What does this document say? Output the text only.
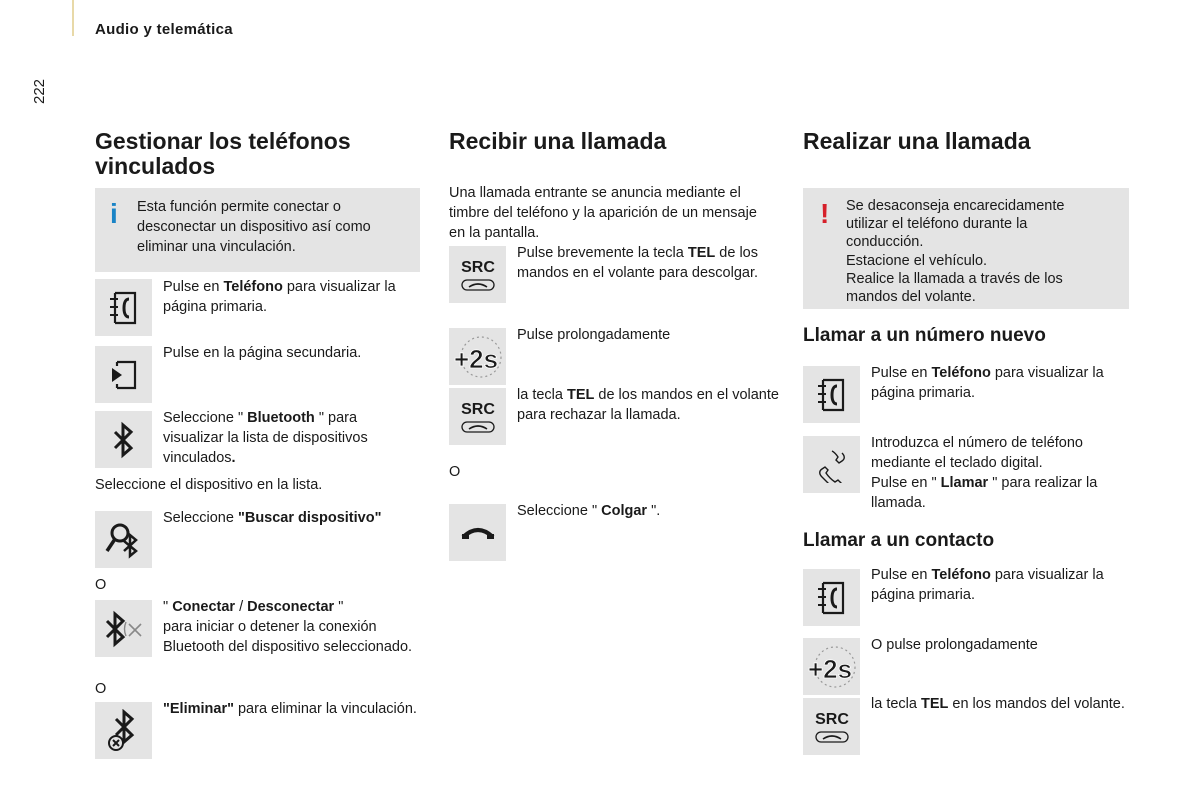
Audio y telemática
222
Gestionar los teléfonos vinculados
i Esta función permite conectar o desconectar un dispositivo así como eliminar una vinculación.

Pulse en Teléfono para visualizar la página primaria.

Pulse en la página secundaria.

Seleccione " Bluetooth " para visualizar la lista de dispositivos vinculados.

Seleccione el dispositivo en la lista.

Seleccione "Buscar dispositivo"

O

" Conectar / Desconectar "

para iniciar o detener la conexión Bluetooth del dispositivo seleccionado.

O

"Eliminar" para eliminar la vinculación.

Recibir una llamada

Una llamada entrante se anuncia mediante el timbre del teléfono y la aparición de un mensaje en la pantalla.

SRC

Pulse brevemente la tecla TEL de los mandos en el volante para descolgar.

+2s

Pulse prolongadamente

SRC

la tecla TEL de los mandos en el volante para rechazar la llamada.

O

Seleccione " Colgar ".

Realizar una llamada
! Se desaconseja encarecidamente
utilizar el teléfono durante la
conducción.
Estacione el vehículo.
Realice la llamada a través de los
mandos del volante.
Llamar a un número nuevo

Pulse en Teléfono para visualizar la página primaria.

Introduzca el número de teléfono mediante el teclado digital.

Pulse en " Llamar " para realizar la llamada.

Llamar a un contacto

Pulse en Teléfono para visualizar la página primaria.

+2s

O pulse prolongadamente

SRC

la tecla TEL en los mandos del volante.
